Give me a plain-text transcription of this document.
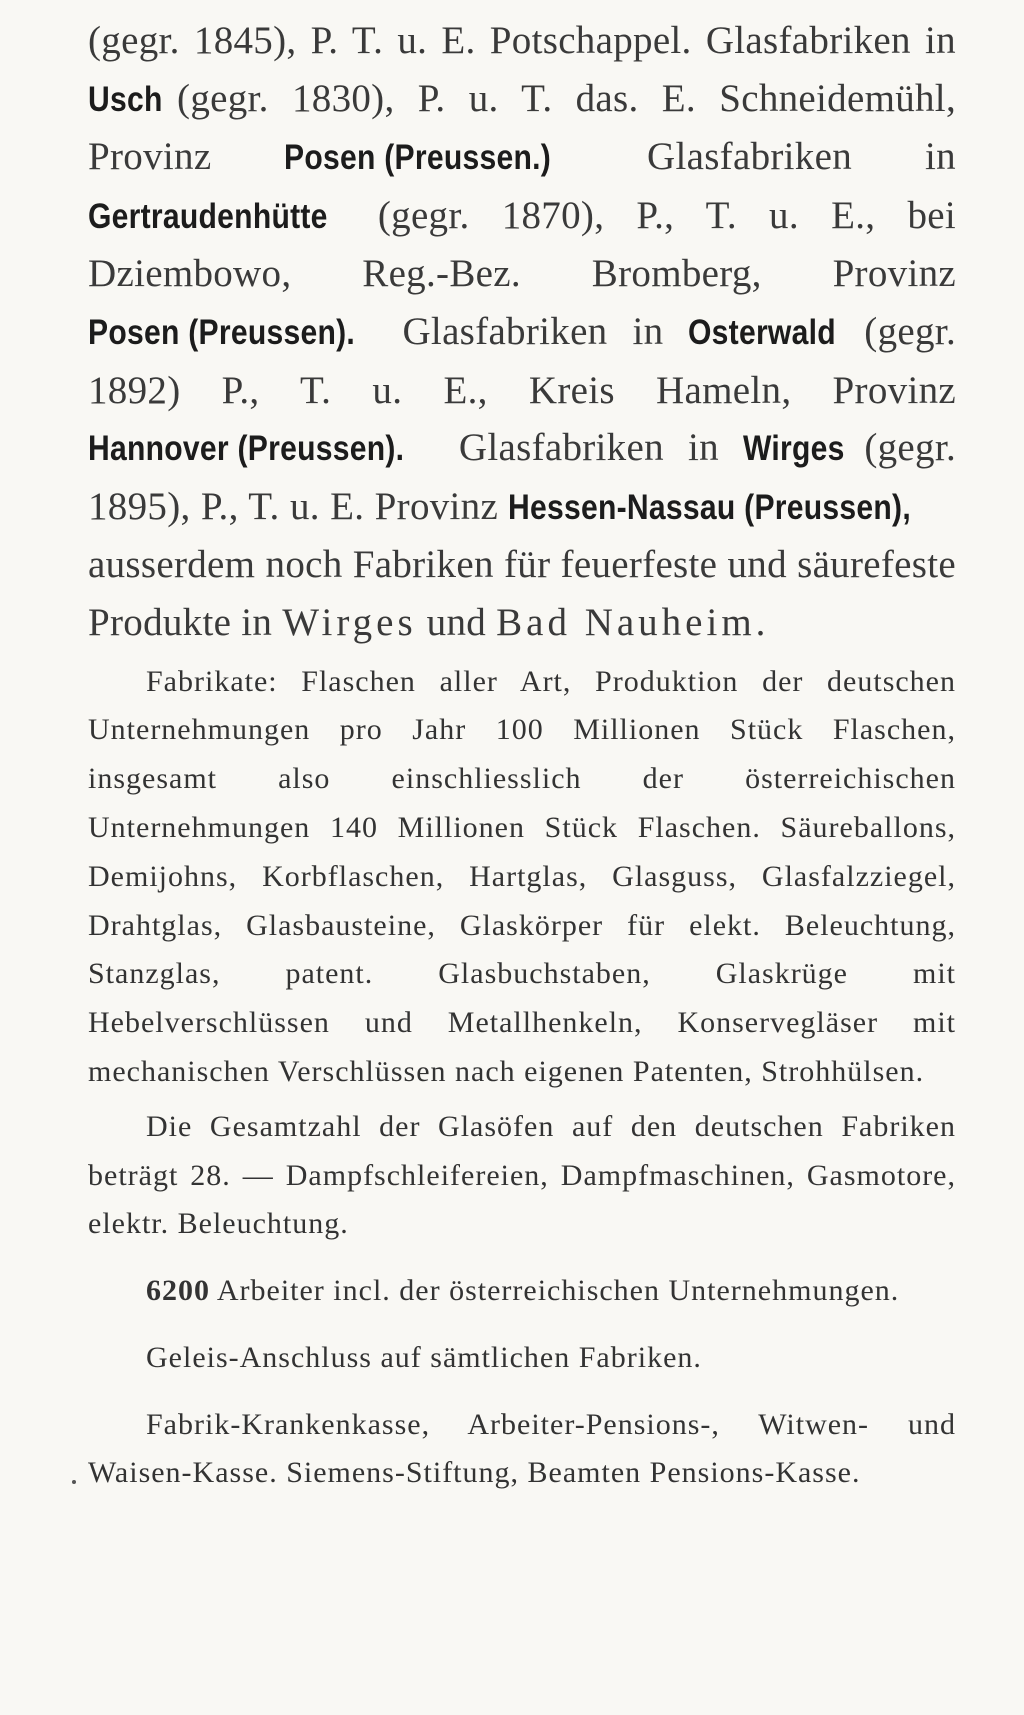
(gegr. 1845), P. T. u. E. Potschappel. Glasfabriken in Usch (gegr. 1830), P. u. T. das. E. Schneidemühl, Provinz Posen (Preussen.) Glasfabriken in Gertraudenhütte (gegr. 1870), P., T. u. E., bei Dziembowo, Reg.-Bez. Bromberg, Provinz Posen (Preussen). Glasfabriken in Osterwald (gegr. 1892) P., T. u. E., Kreis Hameln, Provinz Hannover (Preussen). Glasfabriken in Wirges (gegr. 1895), P., T. u. E. Provinz Hessen-Nassau (Preussen), ausserdem noch Fabriken für feuerfeste und säurefeste Produkte in Wirges und Bad Nauheim.

Fabrikate: Flaschen aller Art, Produktion der deutschen Unternehmungen pro Jahr 100 Millionen Stück Flaschen, insgesamt also einschliesslich der österreichischen Unternehmungen 140 Millionen Stück Flaschen. Säureballons, Demijohns, Korbflaschen, Hartglas, Glasguss, Glasfalzziegel, Drahtglas, Glasbausteine, Glaskörper für elekt. Beleuchtung, Stanzglas, patent. Glasbuchstaben, Glaskrüge mit Hebelverschlüssen und Metallhenkeln, Konservegläser mit mechanischen Verschlüssen nach eigenen Patenten, Strohhülsen.

Die Gesamtzahl der Glasöfen auf den deutschen Fabriken beträgt 28. — Dampfschleifereien, Dampfmaschinen, Gasmotore, elektr. Beleuchtung.

6200 Arbeiter incl. der österreichischen Unternehmungen.

Geleis-Anschluss auf sämtlichen Fabriken.

Fabrik-Krankenkasse, Arbeiter-Pensions-, Witwen- und Waisen-Kasse. Siemens-Stiftung, Beamten Pensions-Kasse.
